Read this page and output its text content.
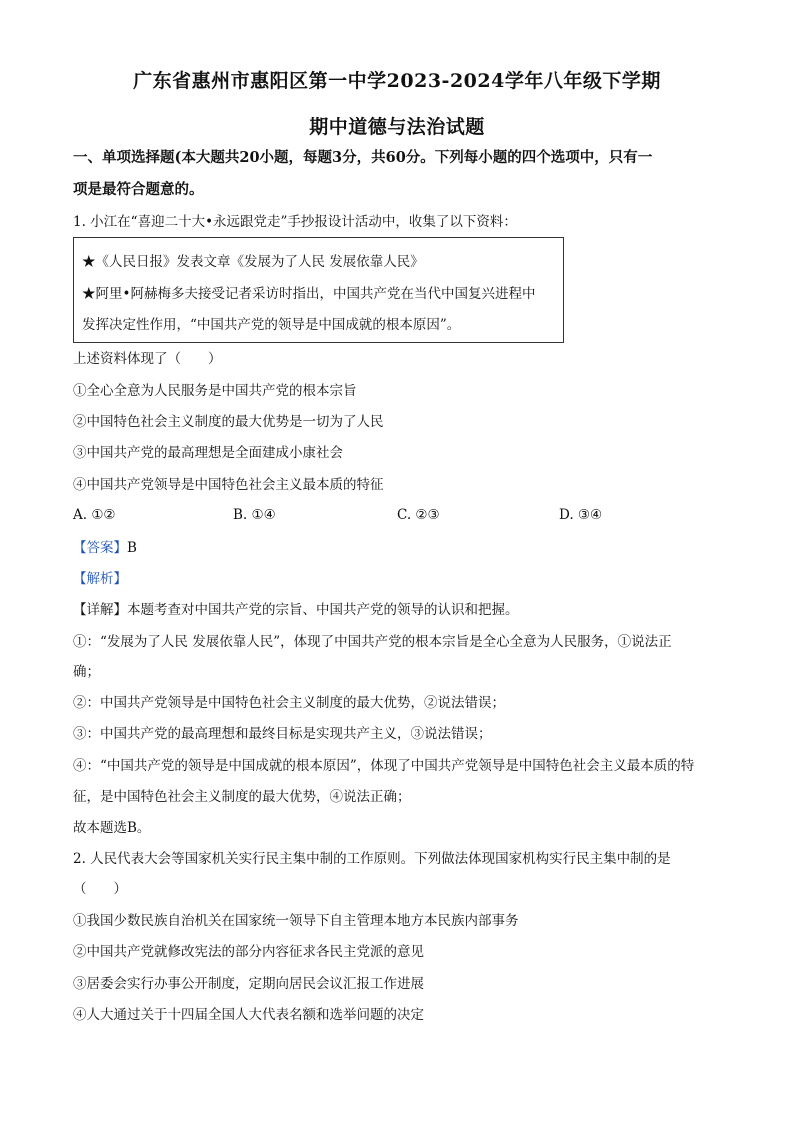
广东省惠州市惠阳区第一中学2023-2024学年八年级下学期
期中道德与法治试题
一、单项选择题(本大题共20小题，每题3分，共60分。下列每小题的四个选项中，只有一
项是最符合题意的。
1. 小江在“喜迎二十大•永远跟党走”手抄报设计活动中，收集了以下资料：
★《人民日报》发表文章《发展为了人民 发展依靠人民》
★阿里•阿赫梅多夫接受记者采访时指出，中国共产党在当代中国复兴进程中
发挥决定性作用，“中国共产党的领导是中国成就的根本原因”。
上述资料体现了（　　）
①全心全意为人民服务是中国共产党的根本宗旨
②中国特色社会主义制度的最大优势是一切为了人民
③中国共产党的最高理想是全面建成小康社会
④中国共产党领导是中国特色社会主义最本质的特征
A. ①②	B. ①④	C. ②③	D. ③④
【答案】B
【解析】
【详解】本题考查对中国共产党的宗旨、中国共产党的领导的认识和把握。
①：“发展为了人民 发展依靠人民”，体现了中国共产党的根本宗旨是全心全意为人民服务，①说法正
确；
②：中国共产党领导是中国特色社会主义制度的最大优势，②说法错误；
③：中国共产党的最高理想和最终目标是实现共产主义，③说法错误；
④：“中国共产党的领导是中国成就的根本原因”，体现了中国共产党领导是中国特色社会主义最本质的特
征，是中国特色社会主义制度的最大优势，④说法正确；
故本题选B。
2. 人民代表大会等国家机关实行民主集中制的工作原则。下列做法体现国家机构实行民主集中制的是
（　　）
①我国少数民族自治机关在国家统一领导下自主管理本地方本民族内部事务
②中国共产党就修改宪法的部分内容征求各民主党派的意见
③居委会实行办事公开制度，定期向居民会议汇报工作进展
④人大通过关于十四届全国人大代表名额和选举问题的决定
